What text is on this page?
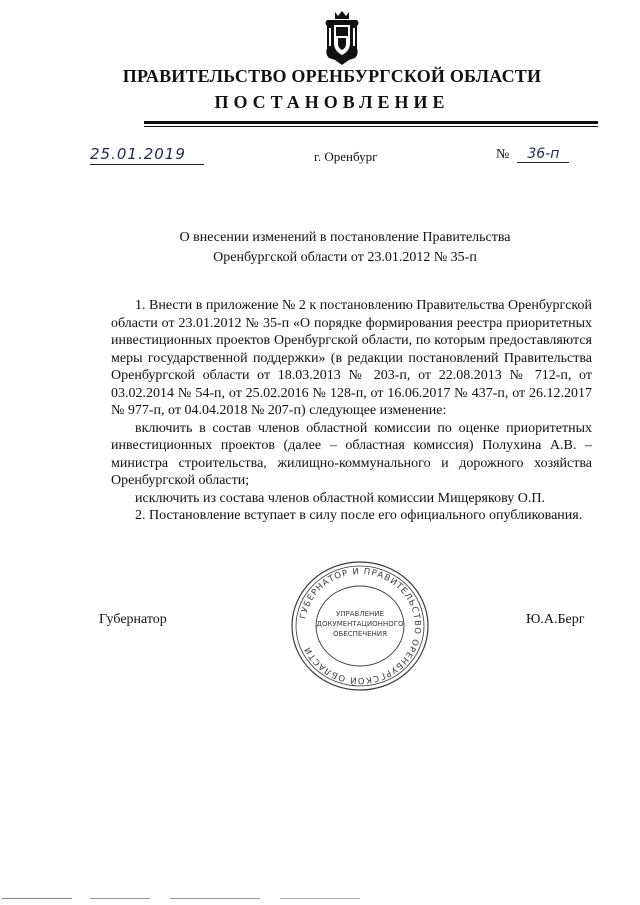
ПРАВИТЕЛЬСТВО ОРЕНБУРГСКОЙ ОБЛАСТИ
ПОСТАНОВЛЕНИЕ
25.01.2019	г. Оренбург	№ 36-п
О внесении изменений в постановление Правительства
Оренбургской области от 23.01.2012 № 35-п

1. Внести в приложение № 2 к постановлению Правительства Оренбургской области от 23.01.2012 № 35-п «О порядке формирования реестра приоритетных инвестиционных проектов Оренбургской области, по которым предоставляются меры государственной поддержки» (в редакции постановлений Правительства Оренбургской области от 18.03.2013 № 203-п, от 22.08.2013 № 712-п, от 03.02.2014 № 54-п, от 25.02.2016 № 128-п, от 16.06.2017 № 437-п, от 26.12.2017 № 977-п, от 04.04.2018 № 207-п) следующее изменение:

включить в состав членов областной комиссии по оценке приоритетных инвестиционных проектов (далее – областная комиссия) Полухина А.В. – министра строительства, жилищно-коммунального и дорожного хозяйства Оренбургской области;

исключить из состава членов областной комиссии Мищерякову О.П.

2. Постановление вступает в силу после его официального опубликования.

Губернатор	ГУБЕРНАТОР И ПРАВИТЕЛЬСТВО ОРЕНБУРГСКОЙ ОБЛАСТИ
УПРАВЛЕНИЕ
ДОКУМЕНТАЦИОННОГО
ОБЕСПЕЧЕНИЯ
Ю.А.Берг
